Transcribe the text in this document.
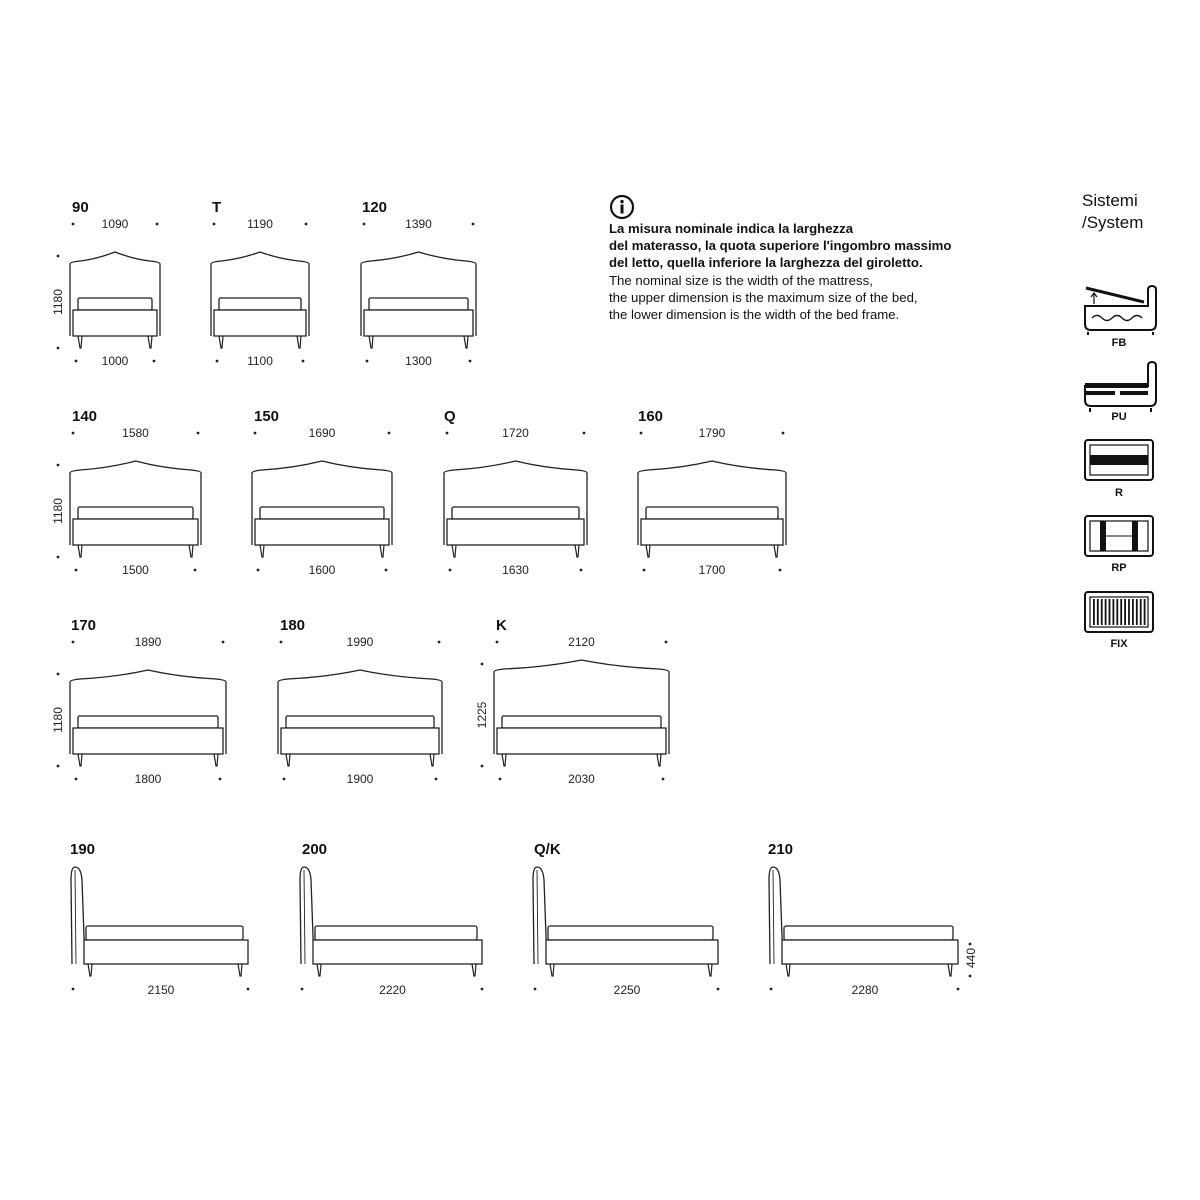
La misura nominale indica la larghezza
del materasso, la quota superiore l'ingombro massimo
del letto, quella inferiore la larghezza del giroletto.
The nominal size is the width of the mattress,
the upper dimension is the maximum size of the bed,
the lower dimension is the width of the bed frame.
Sistemi
/System
FB
PU
R
RP
FIX
90
1090
1000
1180
T
1190
1100
120
1390
1300
140
1580
1500
1180
150
1690
1600
Q
1720
1630
160
1790
1700
170
1890
1800
1180
180
1990
1900
K
2120
2030
1225
190
2150
200
2220
Q/K
2250
210
2280
440
